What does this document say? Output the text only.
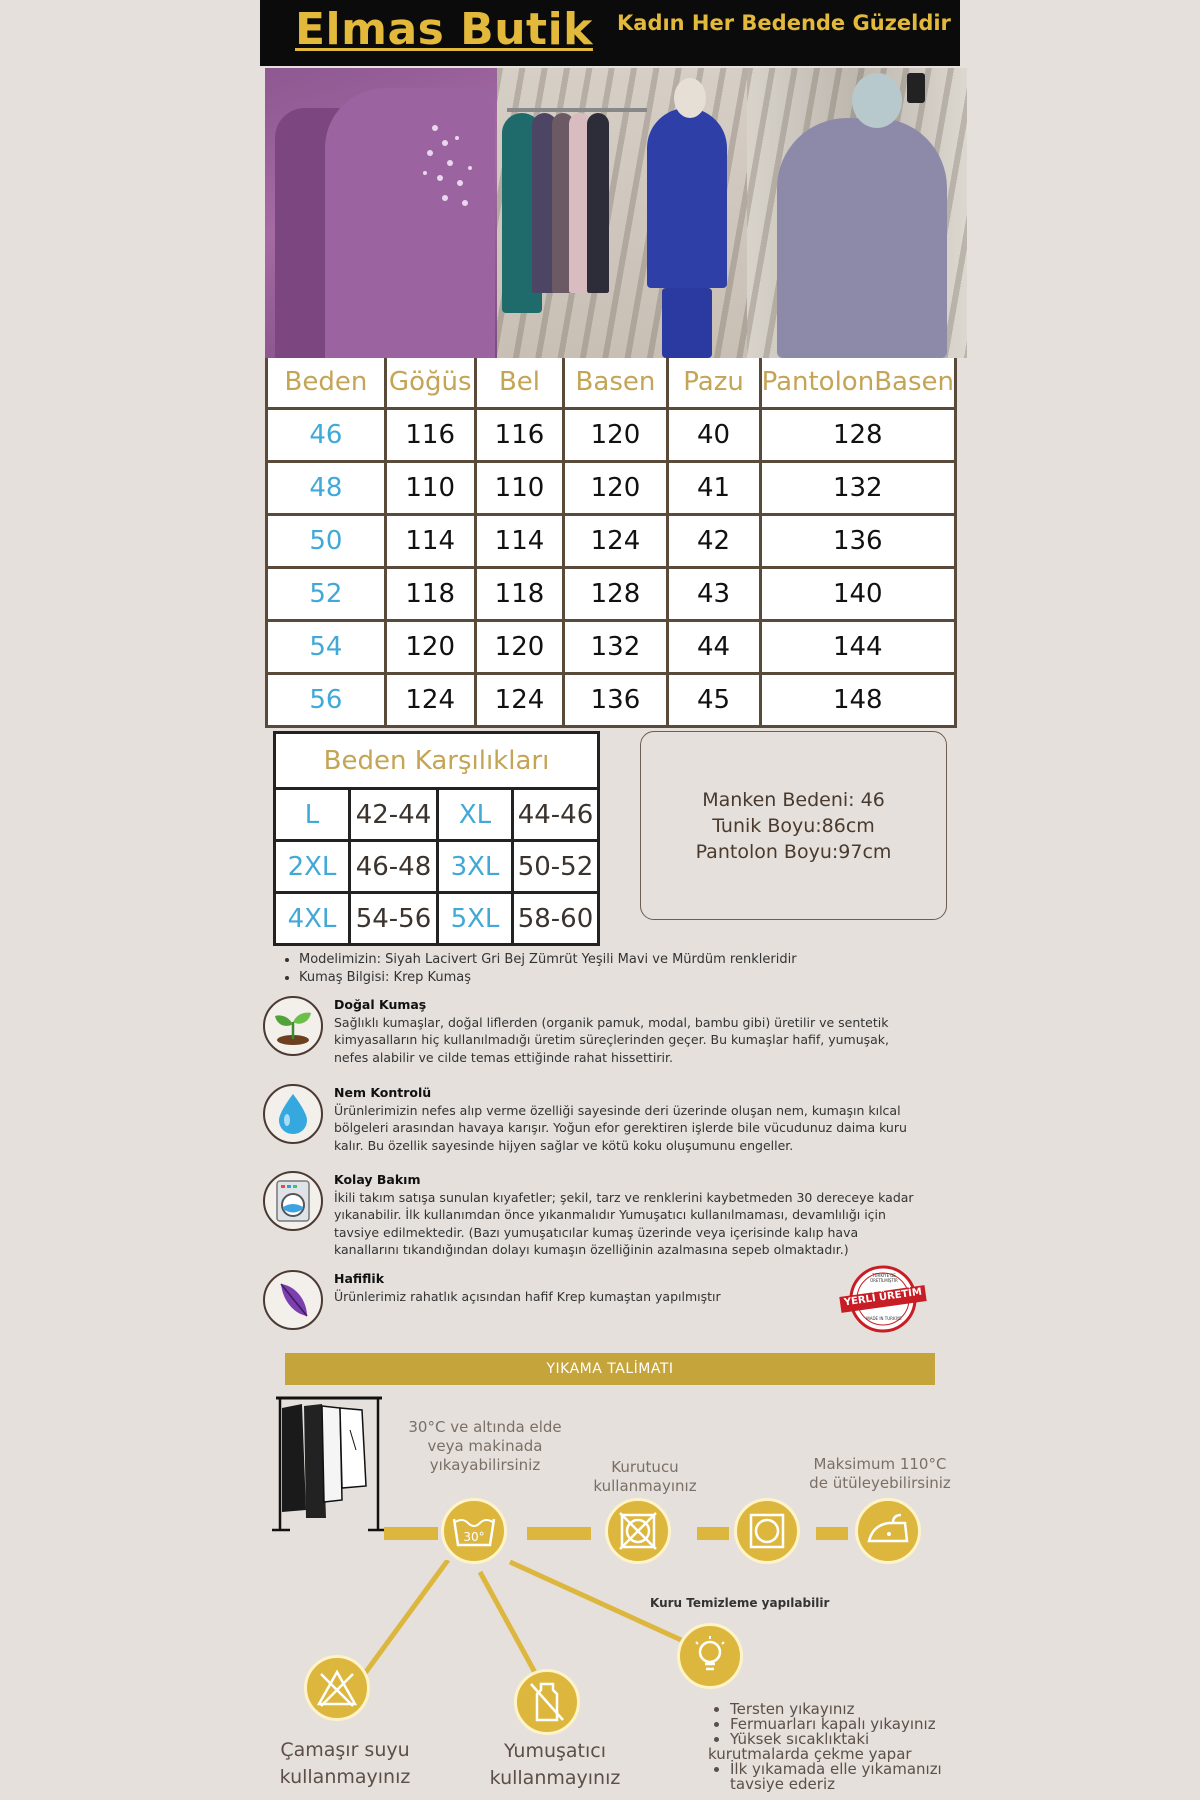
Elmas Butik Kadın Her Bedende Güzeldir
Beden	Göğüs	Bel	Basen	Pazu	PantolonBasen
46	116	116	120	40	128
48	110	110	120	41	132
50	114	114	124	42	136
52	118	118	128	43	140
54	120	120	132	44	144
56	124	124	136	45	148
Beden Karşılıkları			
L	42-44	XL	44-46
2XL	46-48	3XL	50-52
4XL	54-56	5XL	58-60
Manken Bedeni: 46
Tunik Boyu:86cm
Pantolon Boyu:97cm
• Modelimizin: Siyah Lacivert Gri Bej Zümrüt Yeşili Mavi ve Mürdüm renkleridir
• Kumaş Bilgisi: Krep Kumaş
Doğal Kumaş
Sağlıklı kumaşlar, doğal liflerden (organik pamuk, modal, bambu gibi) üretilir ve sentetik kimyasalların hiç kullanılmadığı üretim süreçlerinden geçer. Bu kumaşlar hafif, yumuşak, nefes alabilir ve cilde temas ettiğinde rahat hissettirir.
Nem Kontrolü
Ürünlerimizin nefes alıp verme özelliği sayesinde deri üzerinde oluşan nem, kumaşın kılcal bölgeleri arasından havaya karışır. Yoğun efor gerektiren işlerde bile vücudunuz daima kuru kalır. Bu özellik sayesinde hijyen sağlar ve kötü koku oluşumunu engeller.
Kolay Bakım
İkili takım satışa sunulan kıyafetler; şekil, tarz ve renklerini kaybetmeden 30 dereceye kadar yıkanabilir. İlk kullanımdan önce yıkanmalıdır Yumuşatıcı kullanılmaması, devamlılığı için tavsiye edilmektedir. (Bazı yumuşatıcılar kumaş üzerinde veya içerisinde kalıp hava kanallarını tıkandığından dolayı kumaşın özelliğinin azalmasına sepeb olmaktadır.)
Hafiflik
Ürünlerimiz rahatlık açısından hafif Krep kumaştan yapılmıştır
TÜRKİYE'DE ÜRETİLMİŞTİR
YERLİ ÜRETİM
MADE IN TURKIYE
YIKAMA TALİMATI
30°
30°C ve altında elde veya makinada yıkayabilirsiniz	Kurutucu kullanmayınız
Maksimum 110°C de ütüleyebilirsiniz
Kuru Temizleme yapılabilir
Çamaşır suyu
kullanmayınız
Yumuşatıcı
kullanmayınız
• Tersten yıkayınız
• Fermuarları kapalı yıkayınız
• Yüksek sıcaklıktaki
kurutmalarda çekme yapar
• İlk yıkamada elle yıkamanızı
tavsiye ederiz
